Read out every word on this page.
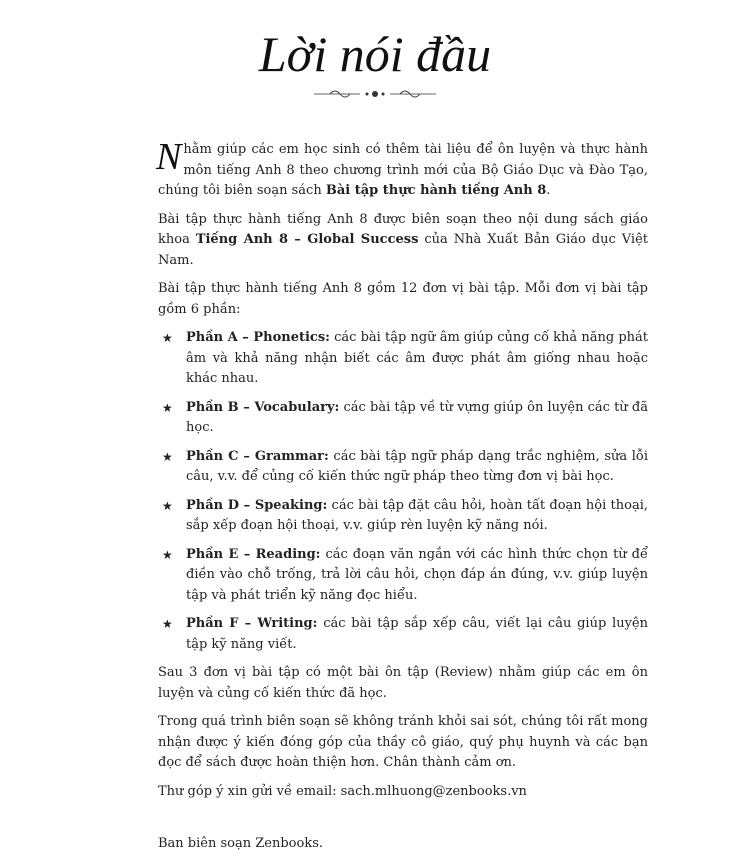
Lời nói đầu

Nhằm giúp các em học sinh có thêm tài liệu để ôn luyện và thực hành môn tiếng Anh 8 theo chương trình mới của Bộ Giáo Dục và Đào Tạo, chúng tôi biên soạn sách Bài tập thực hành tiếng Anh 8.

Bài tập thực hành tiếng Anh 8 được biên soạn theo nội dung sách giáo khoa Tiếng Anh 8 – Global Success của Nhà Xuất Bản Giáo dục Việt Nam.

Bài tập thực hành tiếng Anh 8 gồm 12 đơn vị bài tập. Mỗi đơn vị bài tập gồm 6 phần:

★ Phần A – Phonetics: các bài tập ngữ âm giúp củng cố khả năng phát âm và khả năng nhận biết các âm được phát âm giống nhau hoặc khác nhau.
★ Phần B – Vocabulary: các bài tập về từ vựng giúp ôn luyện các từ đã học.
★ Phần C – Grammar: các bài tập ngữ pháp dạng trắc nghiệm, sửa lỗi câu, v.v. để củng cố kiến thức ngữ pháp theo từng đơn vị bài học.
★ Phần D – Speaking: các bài tập đặt câu hỏi, hoàn tất đoạn hội thoại, sắp xếp đoạn hội thoại, v.v. giúp rèn luyện kỹ năng nói.
★ Phần E – Reading: các đoạn văn ngắn với các hình thức chọn từ để điền vào chỗ trống, trả lời câu hỏi, chọn đáp án đúng, v.v. giúp luyện tập và phát triển kỹ năng đọc hiểu.
★ Phần F – Writing: các bài tập sắp xếp câu, viết lại câu giúp luyện tập kỹ năng viết.

Sau 3 đơn vị bài tập có một bài ôn tập (Review) nhằm giúp các em ôn luyện và củng cố kiến thức đã học.

Trong quá trình biên soạn sẽ không tránh khỏi sai sót, chúng tôi rất mong nhận được ý kiến đóng góp của thầy cô giáo, quý phụ huynh và các bạn đọc để sách được hoàn thiện hơn. Chân thành cảm ơn.

Thư góp ý xin gửi về email: sach.mlhuong@zenbooks.vn

Ban biên soạn Zenbooks.
